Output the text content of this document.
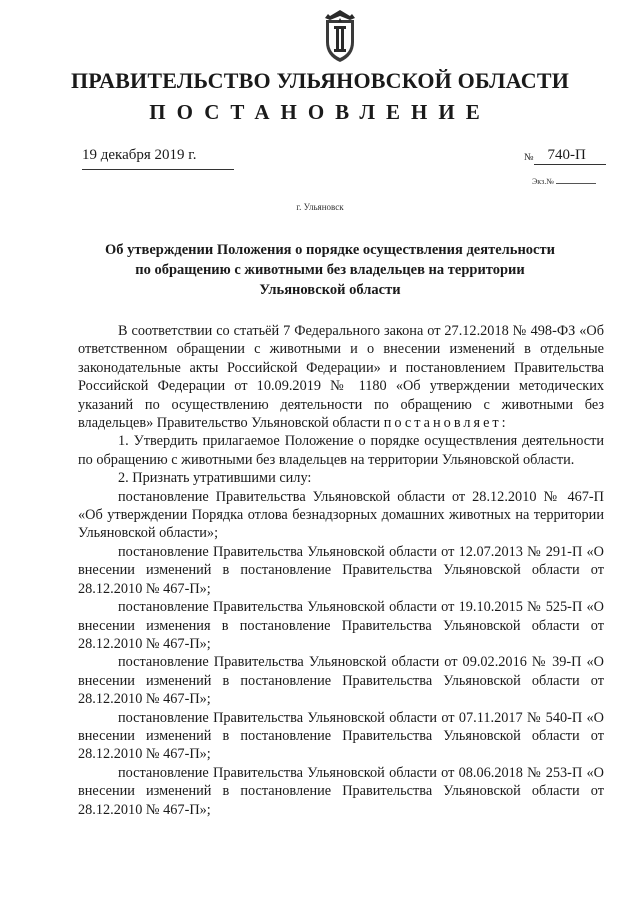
ПРАВИТЕЛЬСТВО УЛЬЯНОВСКОЙ ОБЛАСТИ
ПОСТАНОВЛЕНИЕ
19 декабря 2019 г.	№ 740-П
Экз.№
г. Ульяновск
Об утверждении Положения о порядке осуществления деятельности по обращению с животными без владельцев на территории Ульяновской области

В соответствии со статьёй 7 Федерального закона от 27.12.2018 № 498-ФЗ «Об ответственном обращении с животными и о внесении изменений в отдельные законодательные акты Российской Федерации» и постановлением Правительства Российской Федерации от 10.09.2019 № 1180 «Об утверждении методических указаний по осуществлению деятельности по обращению с животными без владельцев» Правительство Ульяновской области постановляет:

1. Утвердить прилагаемое Положение о порядке осуществления деятельности по обращению с животными без владельцев на территории Ульяновской области.

2. Признать утратившими силу:

постановление Правительства Ульяновской области от 28.12.2010 № 467-П «Об утверждении Порядка отлова безнадзорных домашних животных на территории Ульяновской области»;

постановление Правительства Ульяновской области от 12.07.2013 № 291-П «О внесении изменений в постановление Правительства Ульяновской области от 28.12.2010 № 467-П»;

постановление Правительства Ульяновской области от 19.10.2015 № 525-П «О внесении изменения в постановление Правительства Ульяновской области от 28.12.2010 № 467-П»;

постановление Правительства Ульяновской области от 09.02.2016 № 39-П «О внесении изменений в постановление Правительства Ульяновской области от 28.12.2010 № 467-П»;

постановление Правительства Ульяновской области от 07.11.2017 № 540-П «О внесении изменений в постановление Правительства Ульяновской области от 28.12.2010 № 467-П»;

постановление Правительства Ульяновской области от 08.06.2018 № 253-П «О внесении изменений в постановление Правительства Ульяновской области от 28.12.2010 № 467-П»;
